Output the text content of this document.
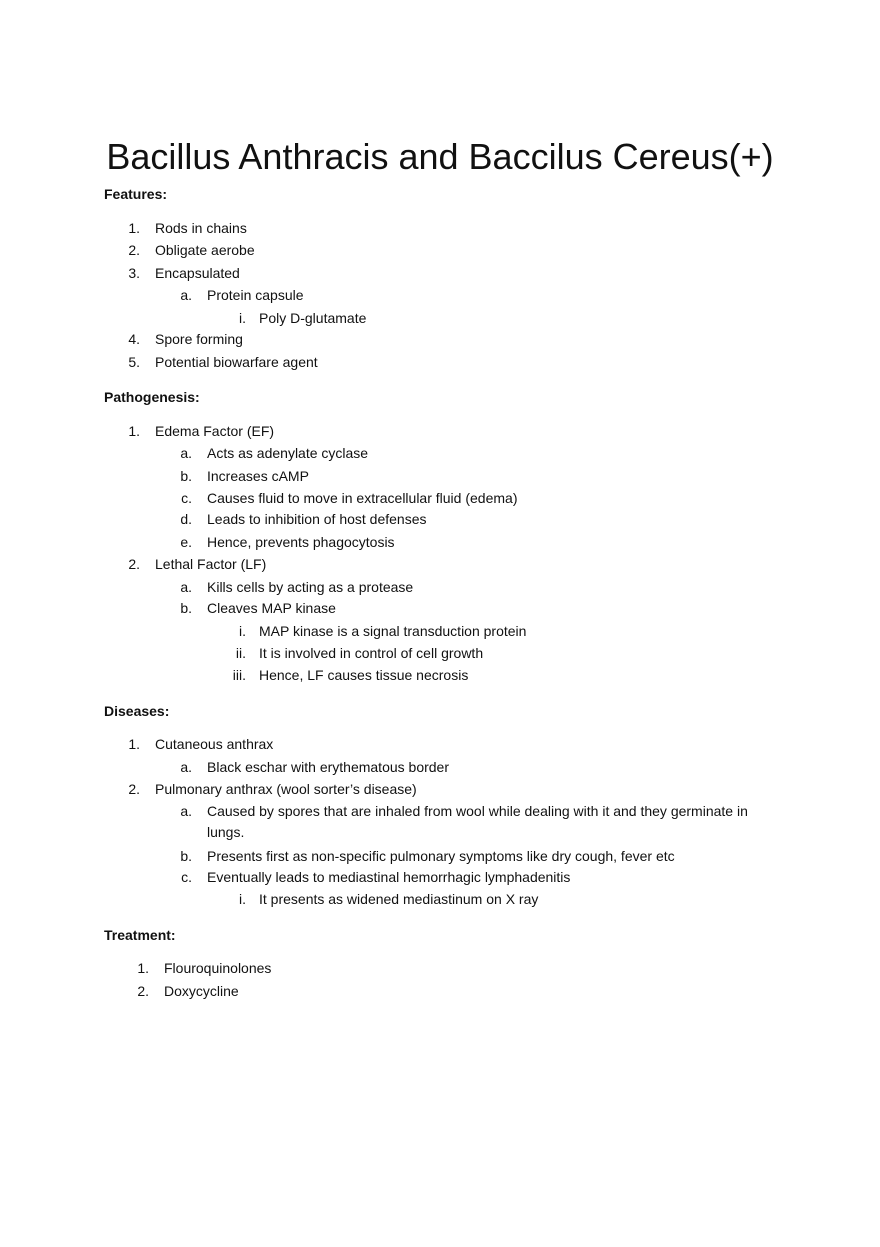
Bacillus Anthracis and Baccilus Cereus(+)
Features:
1. Rods in chains
2. Obligate aerobe
3. Encapsulated
a. Protein capsule
i. Poly D-glutamate
4. Spore forming
5. Potential biowarfare agent
Pathogenesis:
1. Edema Factor (EF)
a. Acts as adenylate cyclase
b. Increases cAMP
c. Causes fluid to move in extracellular fluid (edema)
d. Leads to inhibition of host defenses
e. Hence, prevents phagocytosis
2. Lethal Factor (LF)
a. Kills cells by acting as a protease
b. Cleaves MAP kinase
i. MAP kinase is a signal transduction protein
ii. It is involved in control of cell growth
iii. Hence, LF causes tissue necrosis
Diseases:
1. Cutaneous anthrax
a. Black eschar with erythematous border
2. Pulmonary anthrax (wool sorter’s disease)
a. Caused by spores that are inhaled from wool while dealing with it and they germinate in
lungs.
b. Presents first as non-specific pulmonary symptoms like dry cough, fever etc
c. Eventually leads to mediastinal hemorrhagic lymphadenitis
i. It presents as widened mediastinum on X ray
Treatment:
1. Flouroquinolones
2. Doxycycline
